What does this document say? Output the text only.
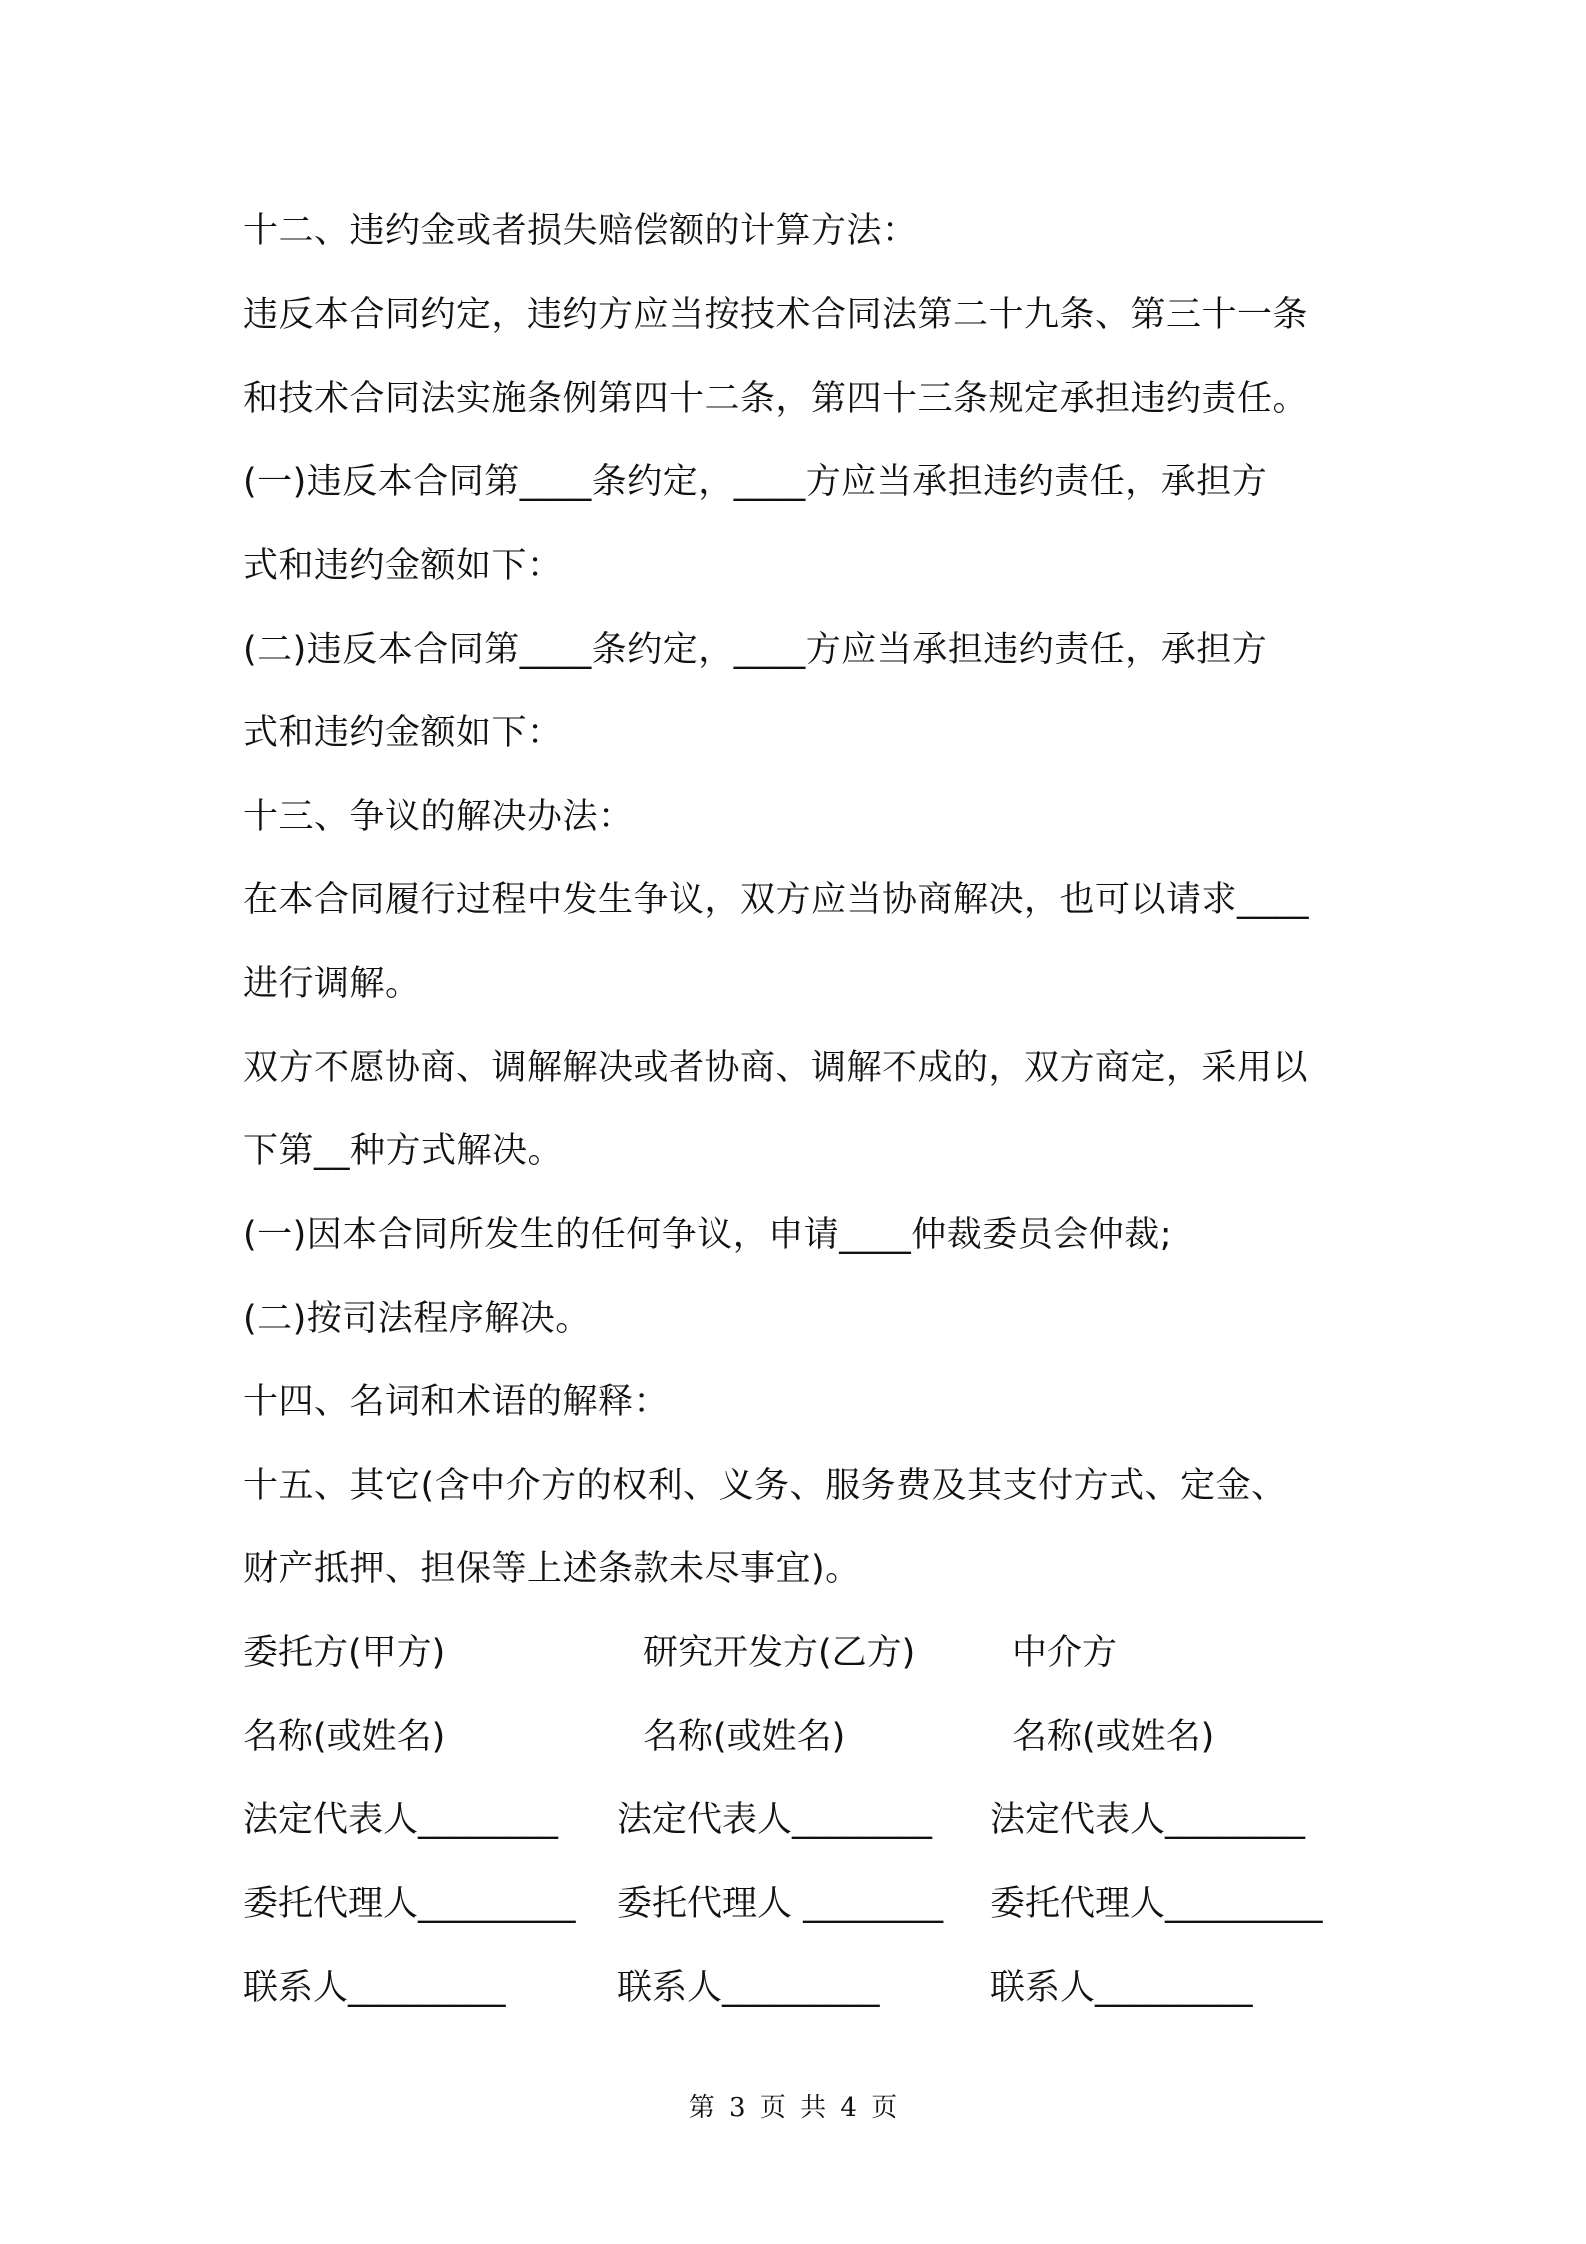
十二、违约金或者损失赔偿额的计算方法：
违反本合同约定，违约方应当按技术合同法第二十九条、第三十一条
和技术合同法实施条例第四十二条，第四十三条规定承担违约责任。
(一)违反本合同第____条约定，____方应当承担违约责任，承担方
式和违约金额如下：
(二)违反本合同第____条约定，____方应当承担违约责任，承担方
式和违约金额如下：
十三、争议的解决办法：
在本合同履行过程中发生争议，双方应当协商解决，也可以请求____
进行调解。
双方不愿协商、调解解决或者协商、调解不成的，双方商定，采用以
下第__种方式解决。
(一)因本合同所发生的任何争议，申请____仲裁委员会仲裁;
(二)按司法程序解决。
十四、名词和术语的解释：
十五、其它(含中介方的权利、义务、服务费及其支付方式、定金、
财产抵押、担保等上述条款未尽事宜)。
委托方(甲方)	研究开发方(乙方)	中介方
名称(或姓名)	名称(或姓名)	名称(或姓名)
法定代表人________ 法定代表人________ 法定代表人________
委托代理人_________ 委托代理人 ________ 委托代理人_________
联系人_________	联系人_________	联系人_________
第 3 页 共 4 页
